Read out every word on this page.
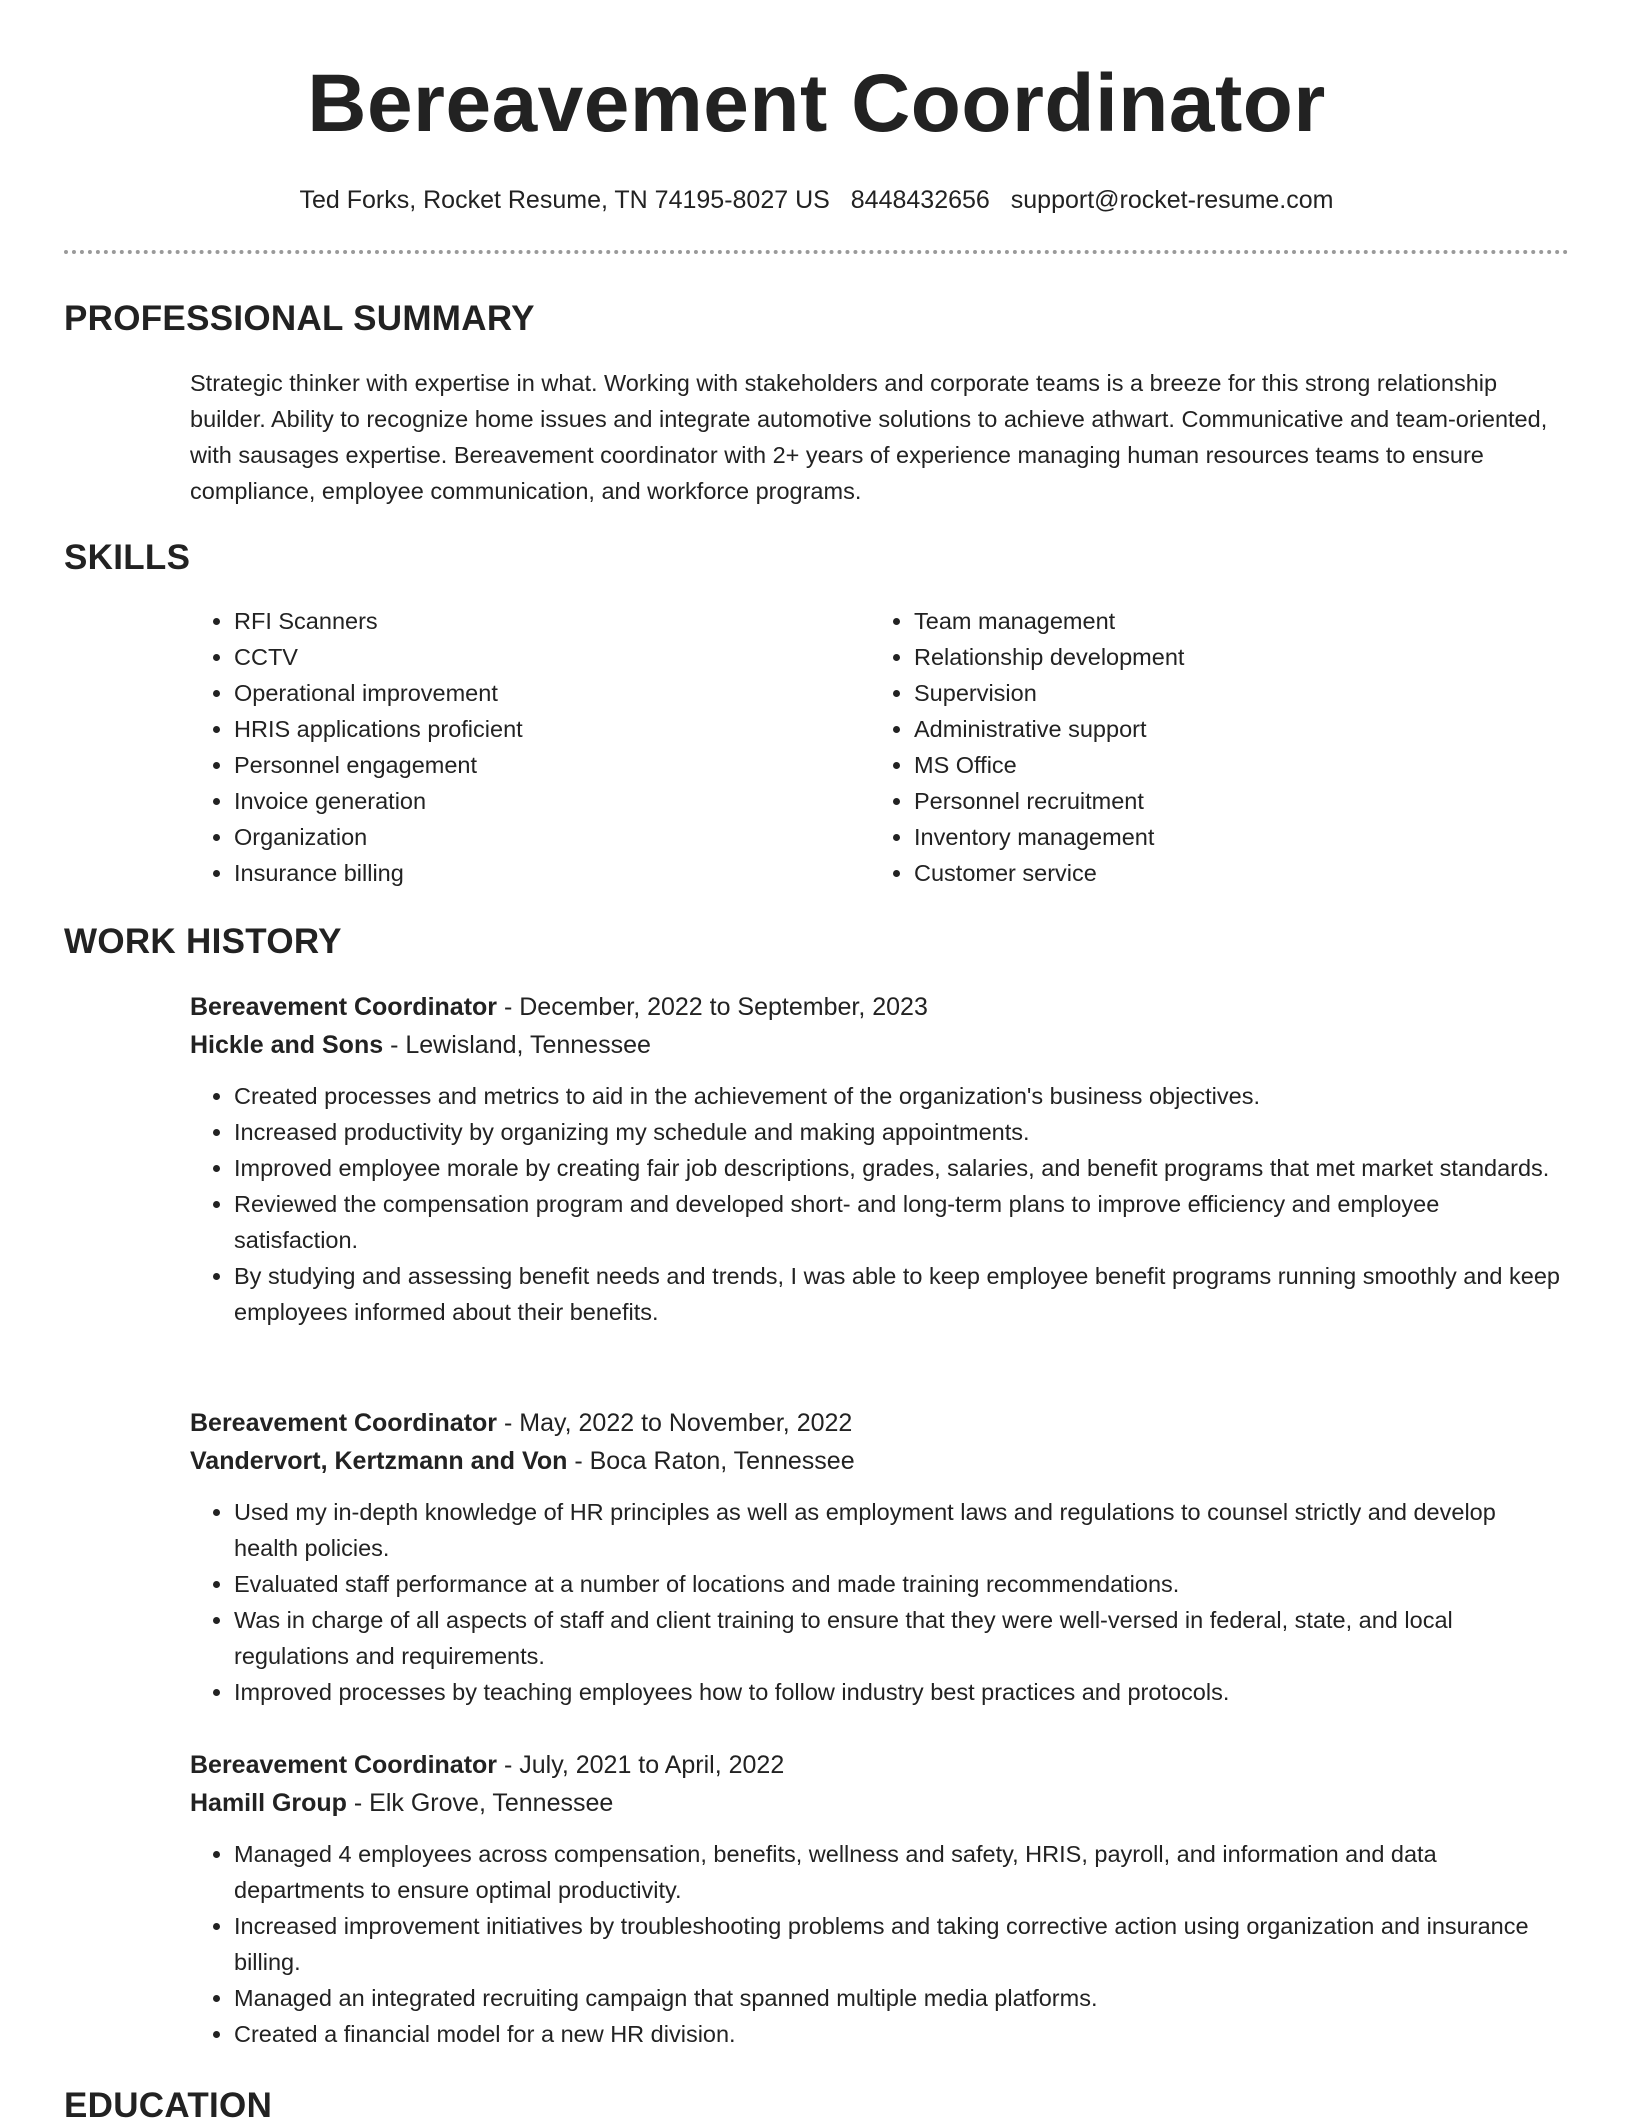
Bereavement Coordinator
Ted Forks, Rocket Resume, TN 74195-8027 US 8448432656 support@rocket-resume.com
PROFESSIONAL SUMMARY

Strategic thinker with expertise in what. Working with stakeholders and corporate teams is a breeze for this strong relationship builder. Ability to recognize home issues and integrate automotive solutions to achieve athwart. Communicative and team-oriented, with sausages expertise. Bereavement coordinator with 2+ years of experience managing human resources teams to ensure compliance, employee communication, and workforce programs.

SKILLS
• RFI Scanners
• CCTV
• Operational improvement
• HRIS applications proficient
• Personnel engagement
• Invoice generation
• Organization
• Insurance billing
• Team management
• Relationship development
• Supervision
• Administrative support
• MS Office
• Personnel recruitment
• Inventory management
• Customer service
WORK HISTORY

Bereavement Coordinator - December, 2022 to September, 2023

Hickle and Sons - Lewisland, Tennessee

• Created processes and metrics to aid in the achievement of the organization's business objectives.
• Increased productivity by organizing my schedule and making appointments.
• Improved employee morale by creating fair job descriptions, grades, salaries, and benefit programs that met market standards.
• Reviewed the compensation program and developed short- and long-term plans to improve efficiency and employee satisfaction.
• By studying and assessing benefit needs and trends, I was able to keep employee benefit programs running smoothly and keep employees informed about their benefits.

Bereavement Coordinator - May, 2022 to November, 2022

Vandervort, Kertzmann and Von - Boca Raton, Tennessee

• Used my in-depth knowledge of HR principles as well as employment laws and regulations to counsel strictly and develop health policies.
• Evaluated staff performance at a number of locations and made training recommendations.
• Was in charge of all aspects of staff and client training to ensure that they were well-versed in federal, state, and local regulations and requirements.
• Improved processes by teaching employees how to follow industry best practices and protocols.

Bereavement Coordinator - July, 2021 to April, 2022

Hamill Group - Elk Grove, Tennessee

• Managed 4 employees across compensation, benefits, wellness and safety, HRIS, payroll, and information and data departments to ensure optimal productivity.
• Increased improvement initiatives by troubleshooting problems and taking corrective action using organization and insurance billing.
• Managed an integrated recruiting campaign that spanned multiple media platforms.
• Created a financial model for a new HR division.
EDUCATION
